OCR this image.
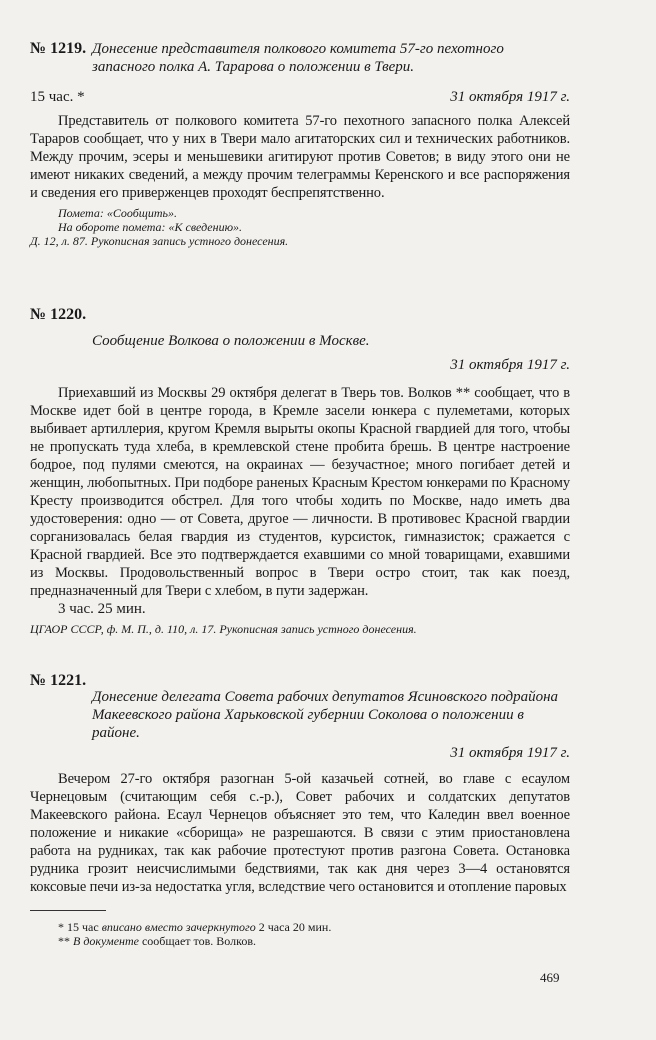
№ 1219. Донесение представителя полкового комитета 57-го пехотного запасного полка А. Тарарова о положении в Твери.

15 час. *	31 октября 1917 г.

Представитель от полкового комитета 57-го пехотного запасного полка Алексей Тараров сообщает, что у них в Твери мало агитаторских сил и технических работников. Между прочим, эсеры и меньшевики агитируют против Советов; в виду этого они не имеют никаких сведений, а между прочим телеграммы Керенского и все распоряжения и сведения его приверженцев проходят беспрепятственно.

Помета: «Сообщить».

На обороте помета: «К сведению».

Д. 12, л. 87. Рукописная запись устного донесения.

№ 1220.

Сообщение Волкова о положении в Москве.

31 октября 1917 г.

Приехавший из Москвы 29 октября делегат в Тверь тов. Волков ** сообщает, что в Москве идет бой в центре города, в Кремле засели юнкера с пулеметами, которых выбивает артиллерия, кругом Кремля вырыты окопы Красной гвардией для того, чтобы не пропускать туда хлеба, в кремлевской стене пробита брешь. В центре настроение бодрое, под пулями смеются, на окраинах — безучастное; много погибает детей и женщин, любопытных. При подборе раненых Красным Крестом юнкерами по Красному Кресту производится обстрел. Для того чтобы ходить по Москве, надо иметь два удостоверения: одно — от Совета, другое — личности. В противовес Красной гвардии сорганизовалась белая гвардия из студентов, курсисток, гимназисток; сражается с Красной гвардией. Все это подтверждается ехавшими со мной товарищами, ехавшими из Москвы. Продовольственный вопрос в Твери остро стоит, так как поезд, предназначенный для Твери с хлебом, в пути задержан.

3 час. 25 мин.

ЦГАОР СССР, ф. М. П., д. 110, л. 17. Рукописная запись устного донесения.

№ 1221.

Донесение делегата Совета рабочих депутатов Ясиновского подрайона Макеевского района Харьковской губернии Соколова о положении в районе.

31 октября 1917 г.

Вечером 27-го октября разогнан 5-ой казачьей сотней, во главе с есаулом Чернецовым (считающим себя с.-р.), Совет рабочих и солдатских депутатов Макеевского района. Есаул Чернецов объясняет это тем, что Каледин ввел военное положение и никакие «сборища» не разрешаются. В связи с этим приостановлена работа на рудниках, так как рабочие протестуют против разгона Совета. Остановка рудника грозит неисчислимыми бедствиями, так как дня через 3—4 остановятся коксовые печи из-за недостатка угля, вследствие чего остановится и отопление паровых

* 15 час вписано вместо зачеркнутого 2 часа 20 мин.

** В документе сообщает тов. Волков.

469
